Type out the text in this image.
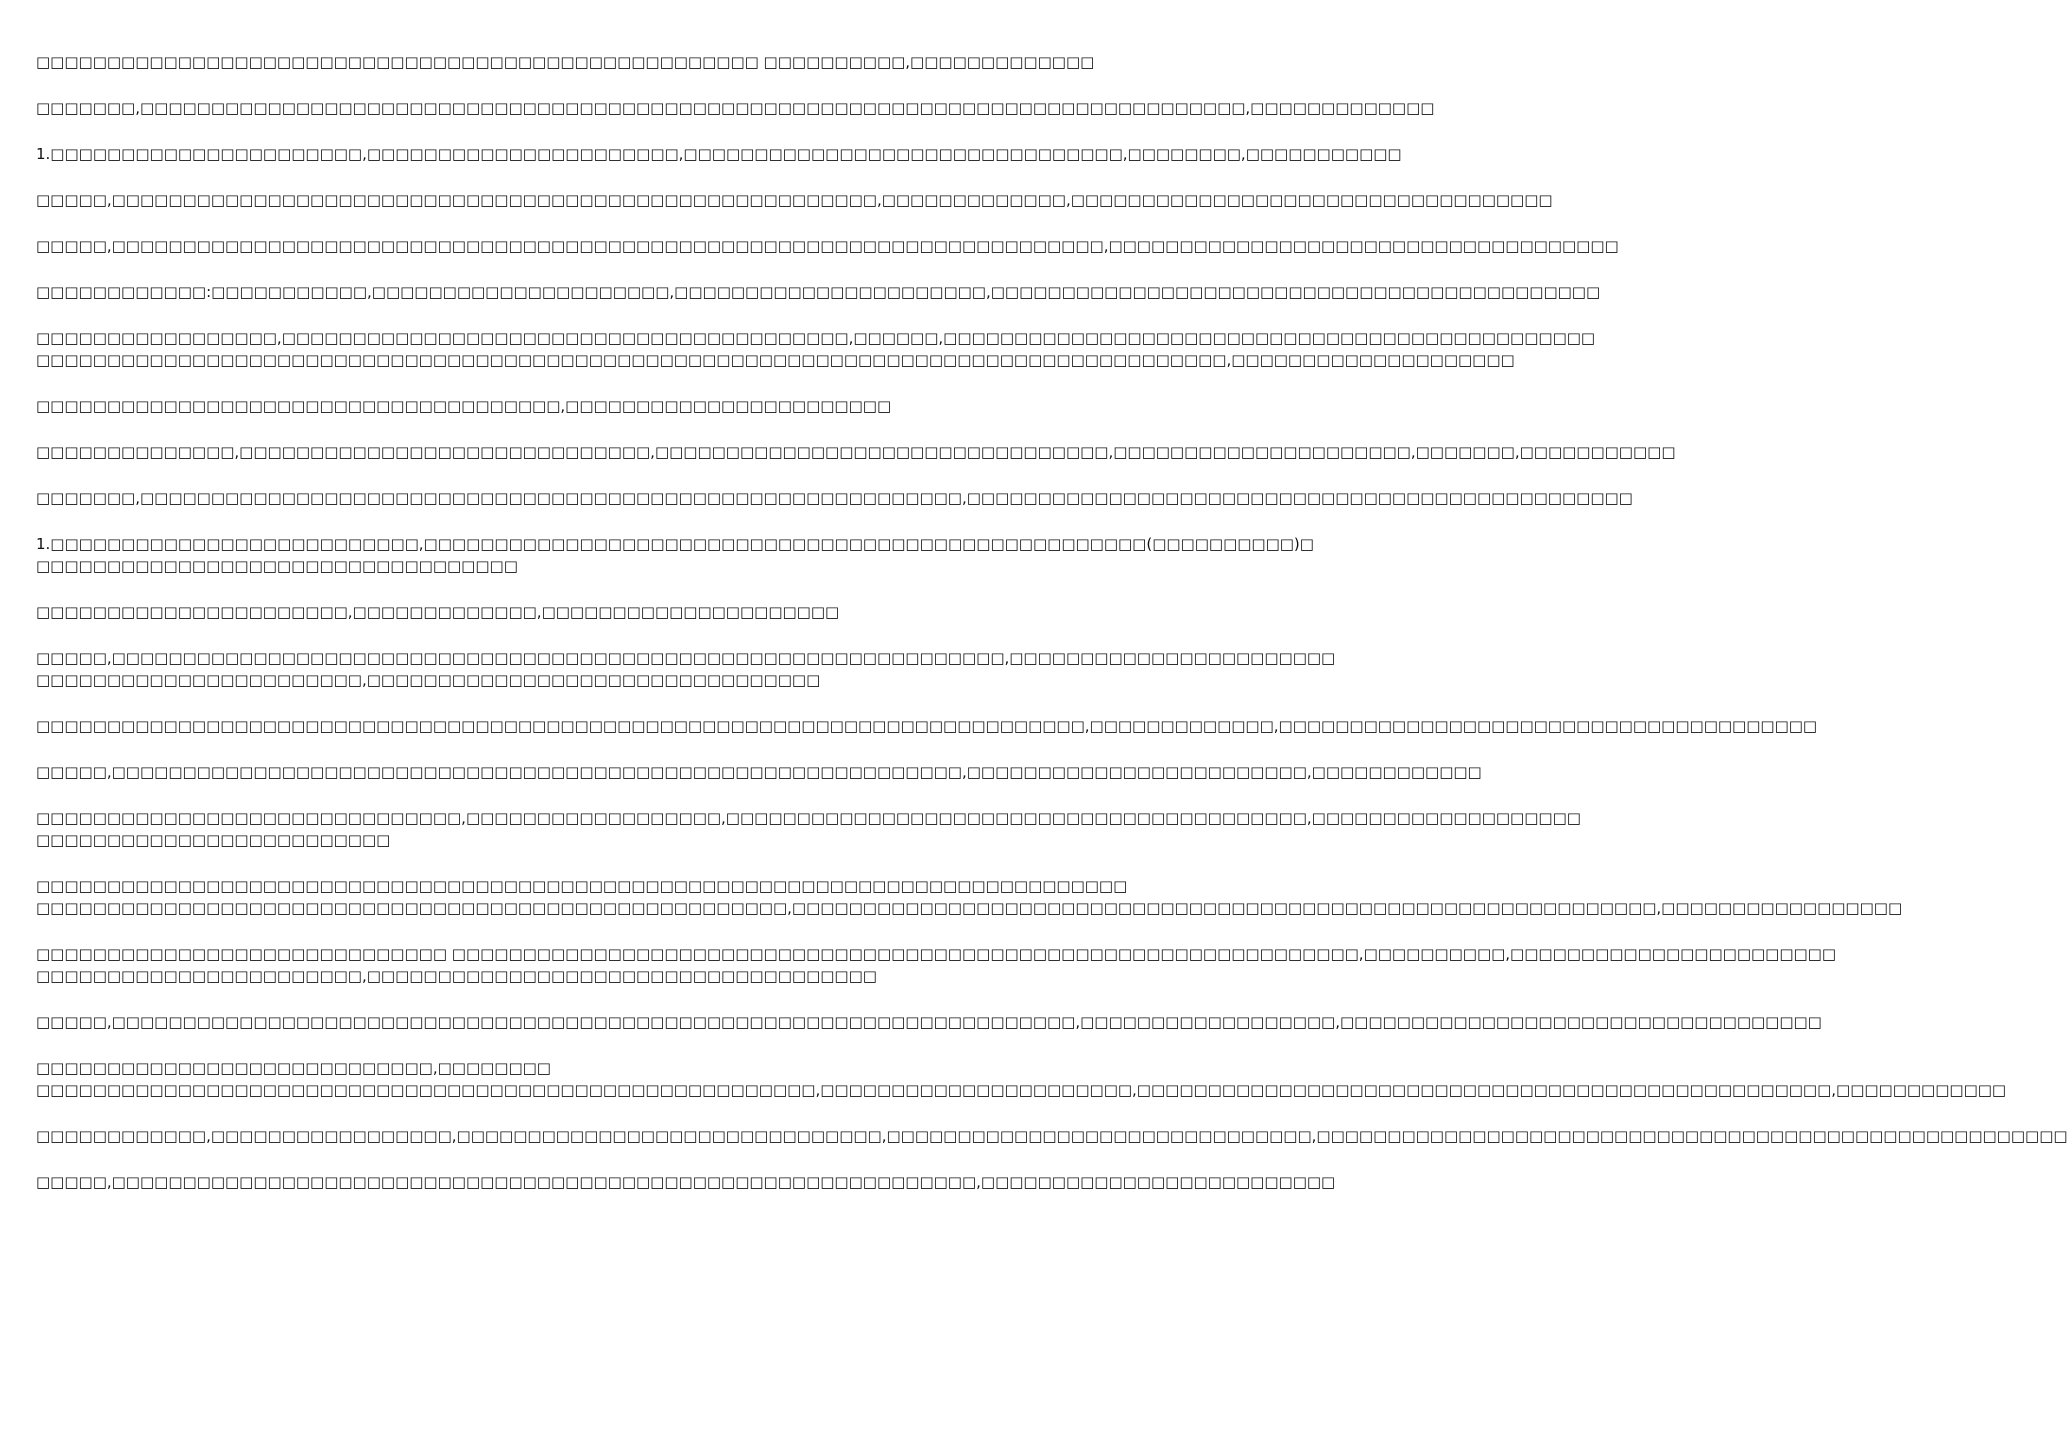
□□□□□□□□□□□□□□□□□□□□□□□□□□□□□□□□□□□□□□□□□□□□□□□□□□□ □□□□□□□□□□,□□□□□□□□□□□□□

□□□□□□□,□□□□□□□□□□□□□□□□□□□□□□□□□□□□□□□□□□□□□□□□□□□□□□□□□□□□□□□□□□□□□□□□□□□□□□□□□□□□□□,□□□□□□□□□□□□□

1.□□□□□□□□□□□□□□□□□□□□□□,□□□□□□□□□□□□□□□□□□□□□□,□□□□□□□□□□□□□□□□□□□□□□□□□□□□□□□,□□□□□□□□,□□□□□□□□□□□

□□□□□,□□□□□□□□□□□□□□□□□□□□□□□□□□□□□□□□□□□□□□□□□□□□□□□□□□□□□□,□□□□□□□□□□□□□,□□□□□□□□□□□□□□□□□□□□□□□□□□□□□□□□□□

□□□□□,□□□□□□□□□□□□□□□□□□□□□□□□□□□□□□□□□□□□□□□□□□□□□□□□□□□□□□□□□□□□□□□□□□□□□□,□□□□□□□□□□□□□□□□□□□□□□□□□□□□□□□□□□□□

□□□□□□□□□□□□:□□□□□□□□□□□,□□□□□□□□□□□□□□□□□□□□□,□□□□□□□□□□□□□□□□□□□□□□,□□□□□□□□□□□□□□□□□□□□□□□□□□□□□□□□□□□□□□□□□□□

□□□□□□□□□□□□□□□□□,□□□□□□□□□□□□□□□□□□□□□□□□□□□□□□□□□□□□□□□□,□□□□□□,□□□□□□□□□□□□□□□□□□□□□□□□□□□□□□□□□□□□□□□□□□□□□□
□□□□□□□□□□□□□□□□□□□□□□□□□□□□□□□□□□□□□□□□□□□□□□□□□□□□□□□□□□□□□□□□□□□□□□□□□□□□□□□□□□□□,□□□□□□□□□□□□□□□□□□□□

□□□□□□□□□□□□□□□□□□□□□□□□□□□□□□□□□□□□□,□□□□□□□□□□□□□□□□□□□□□□□

□□□□□□□□□□□□□□,□□□□□□□□□□□□□□□□□□□□□□□□□□□□□,□□□□□□□□□□□□□□□□□□□□□□□□□□□□□□□□,□□□□□□□□□□□□□□□□□□□□□,□□□□□□□,□□□□□□□□□□□

□□□□□□□,□□□□□□□□□□□□□□□□□□□□□□□□□□□□□□□□□□□□□□□□□□□□□□□□□□□□□□□□□□,□□□□□□□□□□□□□□□□□□□□□□□□□□□□□□□□□□□□□□□□□□□□□□□

1.□□□□□□□□□□□□□□□□□□□□□□□□□□,□□□□□□□□□□□□□□□□□□□□□□□□□□□□□□□□□□□□□□□□□□□□□□□□□□□(□□□□□□□□□□)□
□□□□□□□□□□□□□□□□□□□□□□□□□□□□□□□□□□

□□□□□□□□□□□□□□□□□□□□□□,□□□□□□□□□□□□□,□□□□□□□□□□□□□□□□□□□□□

□□□□□,□□□□□□□□□□□□□□□□□□□□□□□□□□□□□□□□□□□□□□□□□□□□□□□□□□□□□□□□□□□□□□□,□□□□□□□□□□□□□□□□□□□□□□□
□□□□□□□□□□□□□□□□□□□□□□□,□□□□□□□□□□□□□□□□□□□□□□□□□□□□□□□□

□□□□□□□□□□□□□□□□□□□□□□□□□□□□□□□□□□□□□□□□□□□□□□□□□□□□□□□□□□□□□□□□□□□□□□□□□□,□□□□□□□□□□□□□,□□□□□□□□□□□□□□□□□□□□□□□□□□□□□□□□□□□□□□

□□□□□,□□□□□□□□□□□□□□□□□□□□□□□□□□□□□□□□□□□□□□□□□□□□□□□□□□□□□□□□□□□□,□□□□□□□□□□□□□□□□□□□□□□□□,□□□□□□□□□□□□

□□□□□□□□□□□□□□□□□□□□□□□□□□□□□□,□□□□□□□□□□□□□□□□□□,□□□□□□□□□□□□□□□□□□□□□□□□□□□□□□□□□□□□□□□□□,□□□□□□□□□□□□□□□□□□□
□□□□□□□□□□□□□□□□□□□□□□□□□

□□□□□□□□□□□□□□□□□□□□□□□□□□□□□□□□□□□□□□□□□□□□□□□□□□□□□□□□□□□□□□□□□□□□□□□□□□□□□
□□□□□□□□□□□□□□□□□□□□□□□□□□□□□□□□□□□□□□□□□□□□□□□□□□□□□,□□□□□□□□□□□□□□□□□□□□□□□□□□□□□□□□□□□□□□□□□□□□□□□□□□□□□□□□□□□□□,□□□□□□□□□□□□□□□□□

□□□□□□□□□□□□□□□□□□□□□□□□□□□□□ □□□□□□□□□□□□□□□□□□□□□□□□□□□□□□□□□□□□□□□□□□□□□□□□□□□□□□□□□□□□□□□□,□□□□□□□□□□,□□□□□□□□□□□□□□□□□□□□□□□
□□□□□□□□□□□□□□□□□□□□□□□,□□□□□□□□□□□□□□□□□□□□□□□□□□□□□□□□□□□□

□□□□□,□□□□□□□□□□□□□□□□□□□□□□□□□□□□□□□□□□□□□□□□□□□□□□□□□□□□□□□□□□□□□□□□□□□□,□□□□□□□□□□□□□□□□□□,□□□□□□□□□□□□□□□□□□□□□□□□□□□□□□□□□□

□□□□□□□□□□□□□□□□□□□□□□□□□□□□,□□□□□□□□
□□□□□□□□□□□□□□□□□□□□□□□□□□□□□□□□□□□□□□□□□□□□□□□□□□□□□□□,□□□□□□□□□□□□□□□□□□□□□□,□□□□□□□□□□□□□□□□□□□□□□□□□□□□□□□□□□□□□□□□□□□□□□□□□,□□□□□□□□□□□□

□□□□□□□□□□□□,□□□□□□□□□□□□□□□□□,□□□□□□□□□□□□□□□□□□□□□□□□□□□□□□,□□□□□□□□□□□□□□□□□□□□□□□□□□□□□□,□□□□□□□□□□□□□□□□□□□□□□□□□□□□□□□□□□□□□□□□□□□□□□□□□□□□□

□□□□□,□□□□□□□□□□□□□□□□□□□□□□□□□□□□□□□□□□□□□□□□□□□□□□□□□□□□□□□□□□□□□,□□□□□□□□□□□□□□□□□□□□□□□□□
